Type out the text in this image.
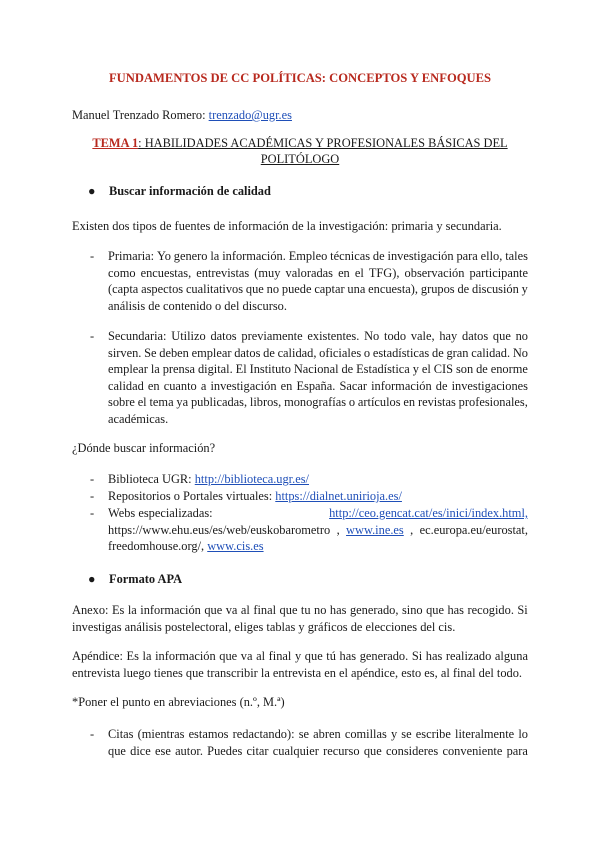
FUNDAMENTOS DE CC POLÍTICAS: CONCEPTOS Y ENFOQUES
Manuel Trenzado Romero: trenzado@ugr.es
TEMA 1: HABILIDADES ACADÉMICAS Y PROFESIONALES BÁSICAS DEL
POLITÓLOGO
● Buscar información de calidad
Existen dos tipos de fuentes de información de la investigación: primaria y secundaria.
- Primaria: Yo genero la información. Empleo técnicas de investigación para ello, tales
como encuestas, entrevistas (muy valoradas en el TFG), observación participante
(capta aspectos cualitativos que no puede captar una encuesta), grupos de discusión y
análisis de contenido o del discurso.
- Secundaria: Utilizo datos previamente existentes. No todo vale, hay datos que no
sirven. Se deben emplear datos de calidad, oficiales o estadísticas de gran calidad. No
emplear la prensa digital. El Instituto Nacional de Estadística y el CIS son de enorme
calidad en cuanto a investigación en España. Sacar información de investigaciones
sobre el tema ya publicadas, libros, monografías o artículos en revistas profesionales,
académicas.
¿Dónde buscar información?
- Biblioteca UGR: http://biblioteca.ugr.es/
- Repositorios o Portales virtuales: https://dialnet.unirioja.es/
- Webs especializadas:	http://ceo.gencat.cat/es/inici/index.html,
https://www.ehu.eus/es/web/euskobarometro , www.ine.es , ec.europa.eu/eurostat,
freedomhouse.org/, www.cis.es
● Formato APA
Anexo: Es la información que va al final que tu no has generado, sino que has recogido. Si
investigas análisis postelectoral, eliges tablas y gráficos de elecciones del cis.
Apéndice: Es la información que va al final y que tú has generado. Si has realizado alguna
entrevista luego tienes que transcribir la entrevista en el apéndice, esto es, al final del todo.
*Poner el punto en abreviaciones (n.º, M.ª)
- Citas (mientras estamos redactando): se abren comillas y se escribe literalmente lo
que dice ese autor. Puedes citar cualquier recurso que consideres conveniente para
